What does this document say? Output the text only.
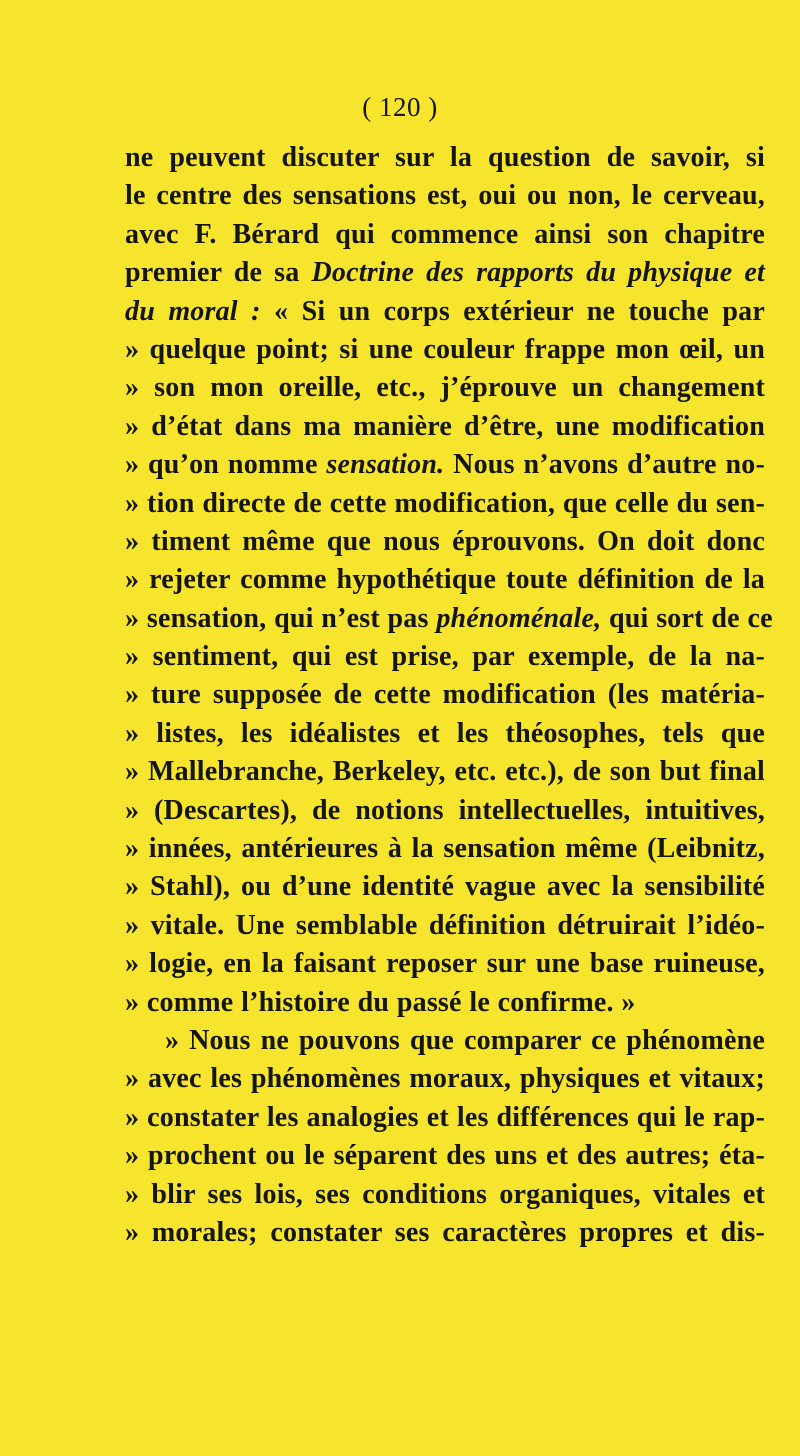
( 120 )
ne peuvent discuter sur la question de savoir, si
le centre des sensations est, oui ou non, le cerveau,
avec F. Bérard qui commence ainsi son chapitre
premier de sa Doctrine des rapports du physique et
du moral : « Si un corps extérieur ne touche par
» quelque point; si une couleur frappe mon œil, un
» son mon oreille, etc., j’éprouve un changement
» d’état dans ma manière d’être, une modification
» qu’on nomme sensation. Nous n’avons d’autre no-
» tion directe de cette modification, que celle du sen-
» timent même que nous éprouvons. On doit donc
» rejeter comme hypothétique toute définition de la
» sensation, qui n’est pas phénoménale, qui sort de ce
» sentiment, qui est prise, par exemple, de la na-
» ture supposée de cette modification (les matéria-
» listes, les idéalistes et les théosophes, tels que
» Mallebranche, Berkeley, etc. etc.), de son but final
» (Descartes), de notions intellectuelles, intuitives,
» innées, antérieures à la sensation même (Leibnitz,
» Stahl), ou d’une identité vague avec la sensibilité
» vitale. Une semblable définition détruirait l’idéo-
» logie, en la faisant reposer sur une base ruineuse,
» comme l’histoire du passé le confirme. »
» Nous ne pouvons que comparer ce phénomène
» avec les phénomènes moraux, physiques et vitaux;
» constater les analogies et les différences qui le rap-
» prochent ou le séparent des uns et des autres; éta-
» blir ses lois, ses conditions organiques, vitales et
» morales; constater ses caractères propres et dis-
